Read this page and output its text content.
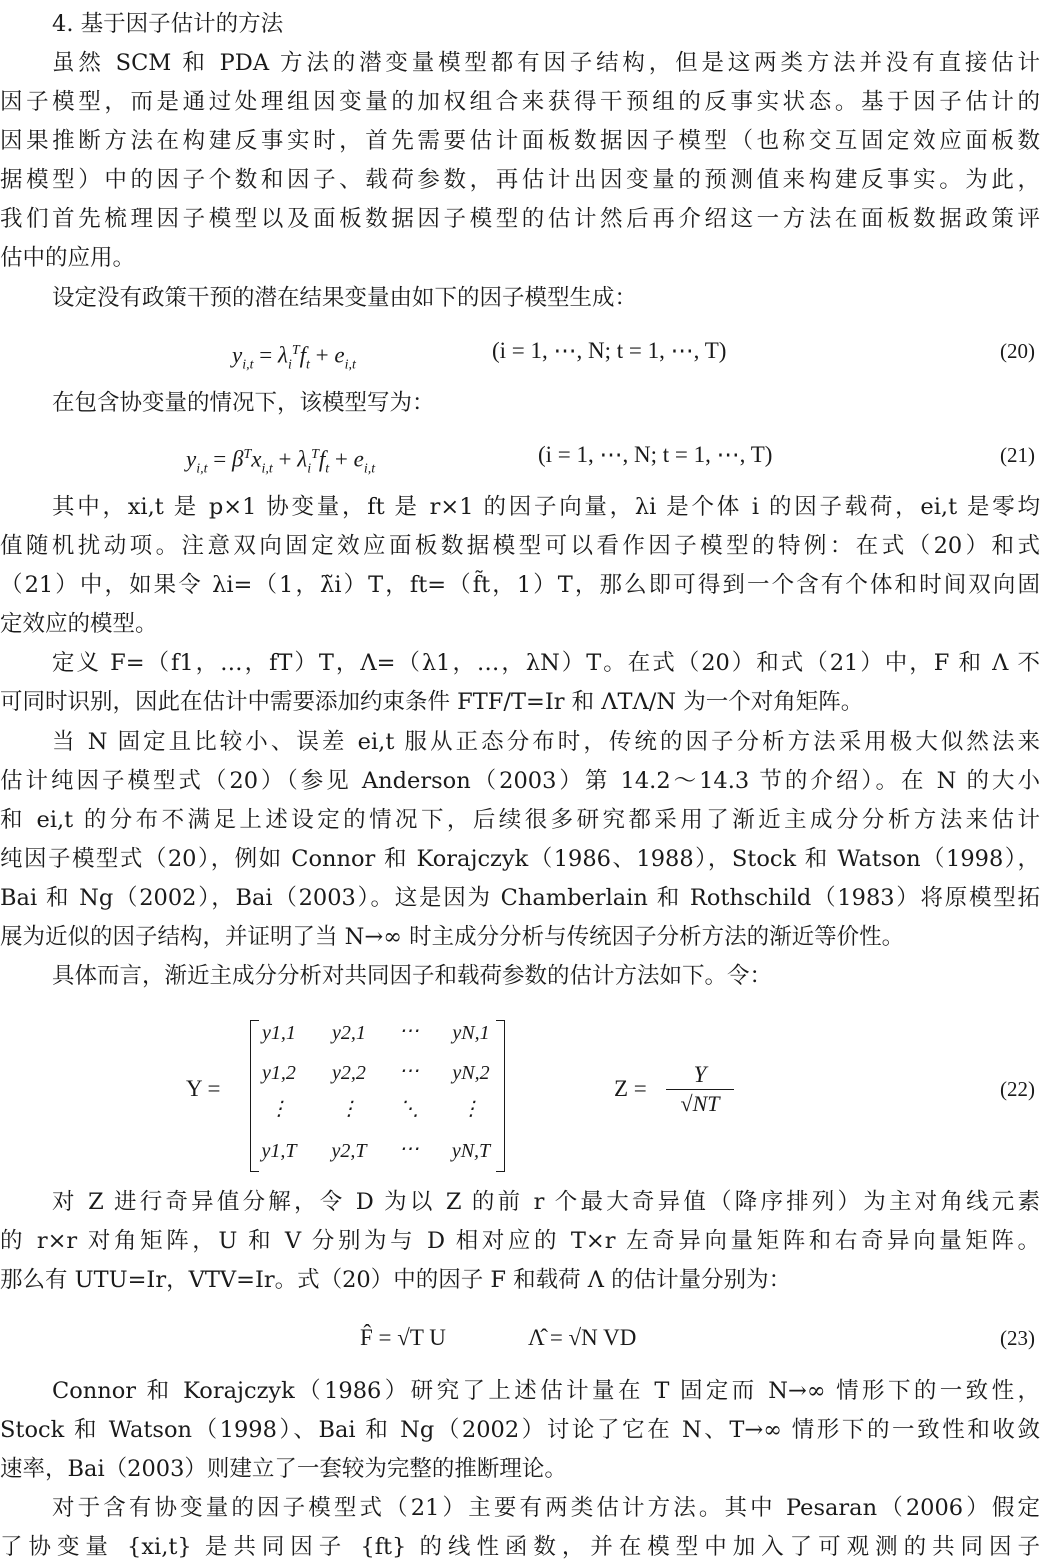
4. 基于因子估计的方法
虽然 SCM 和 PDA 方法的潜变量模型都有因子结构，但是这两类方法并没有直接估计
因子模型，而是通过处理组因变量的加权组合来获得干预组的反事实状态。基于因子估计的
因果推断方法在构建反事实时，首先需要估计面板数据因子模型（也称交互固定效应面板数
据模型）中的因子个数和因子、载荷参数，再估计出因变量的预测值来构建反事实。为此，
我们首先梳理因子模型以及面板数据因子模型的估计然后再介绍这一方法在面板数据政策评
估中的应用。
设定没有政策干预的潜在结果变量由如下的因子模型生成：
$y_{i,t} = \lambda_i^Tf_t + e_{i,t}$
(i = 1, ⋯, N; t = 1, ⋯, T)	(20)
在包含协变量的情况下，该模型写为：
$y_{i,t} = \beta^Tx_{i,t} + \lambda_i^Tf_t + e_{i,t}$
(i = 1, ⋯, N; t = 1, ⋯, T)	(21)
其中，xi,t 是 p×1 协变量，ft 是 r×1 的因子向量，λi 是个体 i 的因子载荷，ei,t 是零均
值随机扰动项。注意双向固定效应面板数据模型可以看作因子模型的特例：在式（20）和式
（21）中，如果令 λi=（1，λ̃i）T，ft=（f̃t，1）T，那么即可得到一个含有个体和时间双向固
定效应的模型。
定义 F=（f1，…，fT）T，Λ=（λ1，…，λN）T。在式（20）和式（21）中，F 和 Λ 不
可同时识别，因此在估计中需要添加约束条件 FTF/T=Ir 和 ΛTΛ/N 为一个对角矩阵。
当 N 固定且比较小、误差 ei,t 服从正态分布时，传统的因子分析方法采用极大似然法来
估计纯因子模型式（20）（参见 Anderson（2003）第 14.2～14.3 节的介绍）。在 N 的大小
和 ei,t 的分布不满足上述设定的情况下，后续很多研究都采用了渐近主成分分析方法来估计
纯因子模型式（20），例如 Connor 和 Korajczyk（1986、1988），Stock 和 Watson（1998），
Bai 和 Ng（2002），Bai（2003）。这是因为 Chamberlain 和 Rothschild（1983）将原模型拓
展为近似的因子结构，并证明了当 N→∞ 时主成分分析与传统因子分析方法的渐近等价性。
具体而言，渐近主成分分析对共同因子和载荷参数的估计方法如下。令：
Y =
y1,1	y2,1	⋯	yN,1
y1,2	y2,2	⋯	yN,2
⋮	⋮	⋱	⋮
y1,T	y2,T	⋯	yN,T
Z =
Y
√NT
(22)
对 Z 进行奇异值分解，令 D 为以 Z 的前 r 个最大奇异值（降序排列）为主对角线元素
的 r×r 对角矩阵，U 和 V 分别为与 D 相对应的 T×r 左奇异向量矩阵和右奇异向量矩阵。
那么有 UTU=Ir，VTV=Ir。式（20）中的因子 F 和载荷 Λ 的估计量分别为：
F̂ = √T U	Λ̂ = √N VD	(23)
Connor 和 Korajczyk（1986）研究了上述估计量在 T 固定而 N→∞ 情形下的一致性，
Stock 和 Watson（1998）、Bai 和 Ng（2002）讨论了它在 N、T→∞ 情形下的一致性和收敛
速率，Bai（2003）则建立了一套较为完整的推断理论。
对于含有协变量的因子模型式（21）主要有两类估计方法。其中 Pesaran（2006）假定
了协变量 {xi,t} 是共同因子 {ft} 的线性函数，并在模型中加入了可观测的共同因子
